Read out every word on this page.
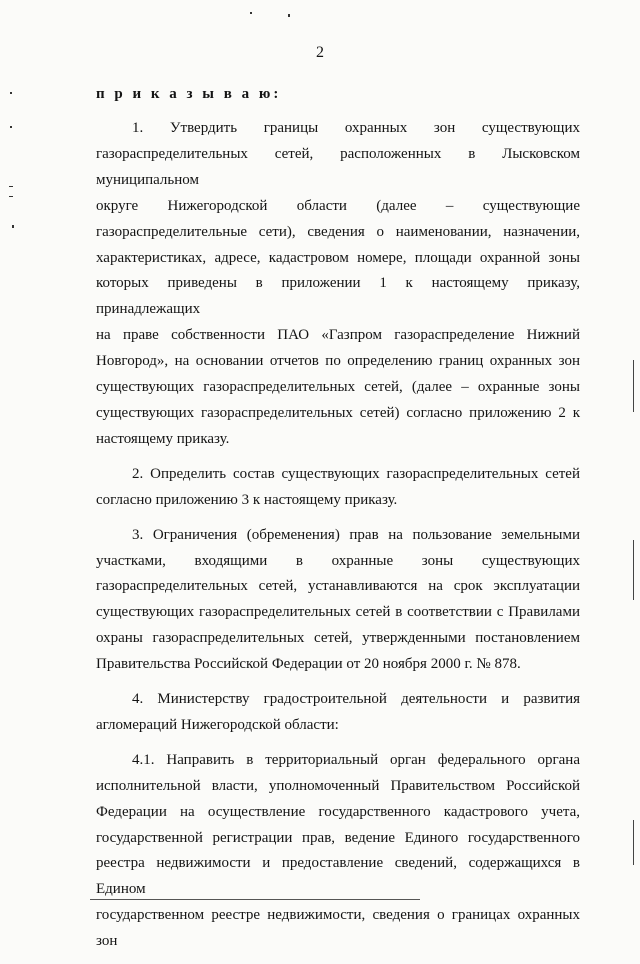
2
п р и к а з ы в а ю:
1. Утвердить границы охранных зон существующих
газораспределительных сетей, расположенных в Лысковском муниципальном
округе Нижегородской области (далее – существующие
газораспределительные сети), сведения о наименовании, назначении,
характеристиках, адресе, кадастровом номере, площади охранной зоны
которых приведены в приложении 1 к настоящему приказу, принадлежащих
на праве собственности ПАО «Газпром газораспределение Нижний
Новгород», на основании отчетов по определению границ охранных зон
существующих газораспределительных сетей, (далее – охранные зоны
существующих газораспределительных сетей) согласно приложению 2 к
настоящему приказу.
2. Определить состав существующих газораспределительных сетей
согласно приложению 3 к настоящему приказу.
3. Ограничения (обременения) прав на пользование земельными
участками, входящими в охранные зоны существующих
газораспределительных сетей, устанавливаются на срок эксплуатации
существующих газораспределительных сетей в соответствии с Правилами
охраны газораспределительных сетей, утвержденными постановлением
Правительства Российской Федерации от 20 ноября 2000 г. № 878.
4. Министерству градостроительной деятельности и развития
агломераций Нижегородской области:
4.1. Направить в территориальный орган федерального органа
исполнительной власти, уполномоченный Правительством Российской
Федерации на осуществление государственного кадастрового учета,
государственной регистрации прав, ведение Единого государственного
реестра недвижимости и предоставление сведений, содержащихся в Едином
государственном реестре недвижимости, сведения о границах охранных зон
